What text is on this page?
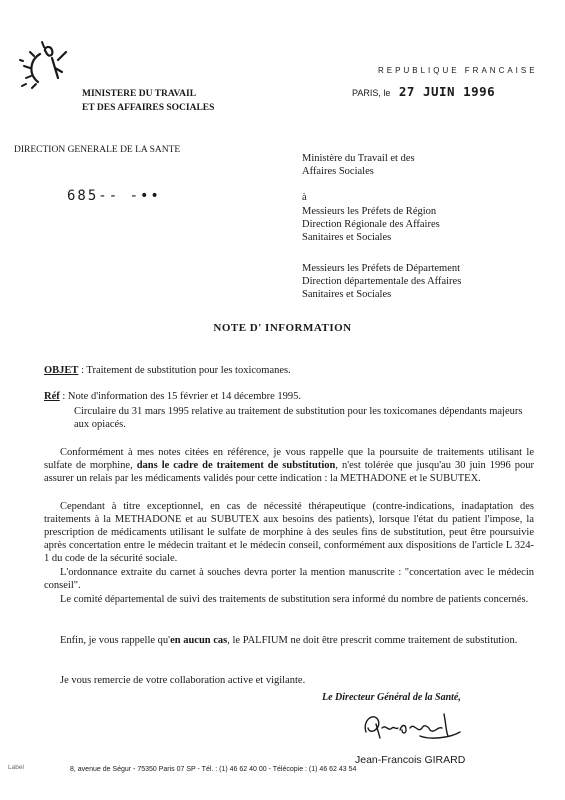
MINISTERE DU TRAVAIL
ET DES AFFAIRES SOCIALES
DIRECTION GENERALE DE LA SANTE
REPUBLIQUE FRANCAISE
PARIS, le 27 JUIN 1996
685-- -••
Ministère du Travail et des
Affaires Sociales
à
Messieurs les Préfets de Région
Direction Régionale des Affaires
Sanitaires et Sociales
Messieurs les Préfets de Département
Direction départementale des Affaires
Sanitaires et Sociales
NOTE D' INFORMATION
OBJET : Traitement de substitution pour les toxicomanes.
Réf : Note d'information des 15 février et 14 décembre 1995.
Circulaire du 31 mars 1995 relative au traitement de substitution pour les toxicomanes dépendants majeurs aux opiacés.
Conformément à mes notes citées en référence, je vous rappelle que la poursuite de traitements utilisant le sulfate de morphine, dans le cadre de traitement de substitution, n'est tolérée que jusqu'au 30 juin 1996 pour assurer un relais par les médicaments validés pour cette indication : la METHADONE et le SUBUTEX.
Cependant à titre exceptionnel, en cas de nécessité thérapeutique (contre-indications, inadaptation des traitements à la METHADONE et au SUBUTEX aux besoins des patients), lorsque l'état du patient l'impose, la prescription de médicaments utilisant le sulfate de morphine à des seules fins de substitution, peut être poursuivie après concertation entre le médecin traitant et le médecin conseil, conformément aux dispositions de l'article L 324-1 du code de la sécurité sociale.
L'ordonnance extraite du carnet à souches devra porter la mention manuscrite : "concertation avec le médecin conseil".
Le comité départemental de suivi des traitements de substitution sera informé du nombre de patients concernés.
Enfin, je vous rappelle qu'en aucun cas, le PALFIUM ne doit être prescrit comme traitement de substitution.
Je vous remercie de votre collaboration active et vigilante.
Le Directeur Général de la Santé,
Jean-Francois GIRARD
Label	8, avenue de Ségur - 75350 Paris 07 SP - Tél. : (1) 46 62 40 00 - Télécopie : (1) 46 62 43 54
